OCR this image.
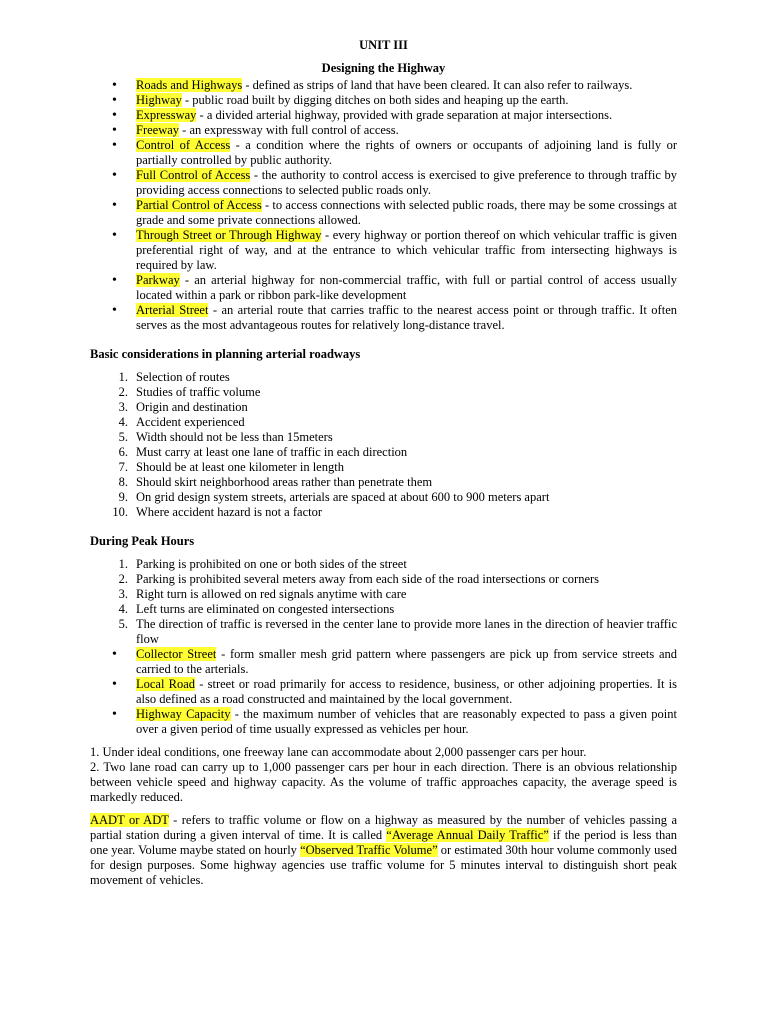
UNIT III

Designing the Highway

• Roads and Highways - defined as strips of land that have been cleared. It can also refer to railways.
• Highway - public road built by digging ditches on both sides and heaping up the earth.
• Expressway - a divided arterial highway, provided with grade separation at major intersections.
• Freeway - an expressway with full control of access.
• Control of Access - a condition where the rights of owners or occupants of adjoining land is fully or partially controlled by public authority.
• Full Control of Access - the authority to control access is exercised to give preference to through traffic by providing access connections to selected public roads only.
• Partial Control of Access - to access connections with selected public roads, there may be some crossings at grade and some private connections allowed.
• Through Street or Through Highway - every highway or portion thereof on which vehicular traffic is given preferential right of way, and at the entrance to which vehicular traffic from intersecting highways is required by law.
• Parkway - an arterial highway for non-commercial traffic, with full or partial control of access usually located within a park or ribbon park-like development
• Arterial Street - an arterial route that carries traffic to the nearest access point or through traffic. It often serves as the most advantageous routes for relatively long-distance travel.

Basic considerations in planning arterial roadways

1. Selection of routes
2. Studies of traffic volume
3. Origin and destination
4. Accident experienced
5. Width should not be less than 15meters
6. Must carry at least one lane of traffic in each direction
7. Should be at least one kilometer in length
8. Should skirt neighborhood areas rather than penetrate them
9. On grid design system streets, arterials are spaced at about 600 to 900 meters apart
10. Where accident hazard is not a factor

During Peak Hours

1. Parking is prohibited on one or both sides of the street
2. Parking is prohibited several meters away from each side of the road intersections or corners
3. Right turn is allowed on red signals anytime with care
4. Left turns are eliminated on congested intersections
5. The direction of traffic is reversed in the center lane to provide more lanes in the direction of heavier traffic flow
• Collector Street - form smaller mesh grid pattern where passengers are pick up from service streets and carried to the arterials.
• Local Road - street or road primarily for access to residence, business, or other adjoining properties. It is also defined as a road constructed and maintained by the local government.
• Highway Capacity - the maximum number of vehicles that are reasonably expected to pass a given point over a given period of time usually expressed as vehicles per hour.

1. Under ideal conditions, one freeway lane can accommodate about 2,000 passenger cars per hour.

2. Two lane road can carry up to 1,000 passenger cars per hour in each direction. There is an obvious relationship between vehicle speed and highway capacity. As the volume of traffic approaches capacity, the average speed is markedly reduced.

AADT or ADT - refers to traffic volume or flow on a highway as measured by the number of vehicles passing a partial station during a given interval of time. It is called “Average Annual Daily Traffic” if the period is less than one year. Volume maybe stated on hourly “Observed Traffic Volume” or estimated 30th hour volume commonly used for design purposes. Some highway agencies use traffic volume for 5 minutes interval to distinguish short peak movement of vehicles.
